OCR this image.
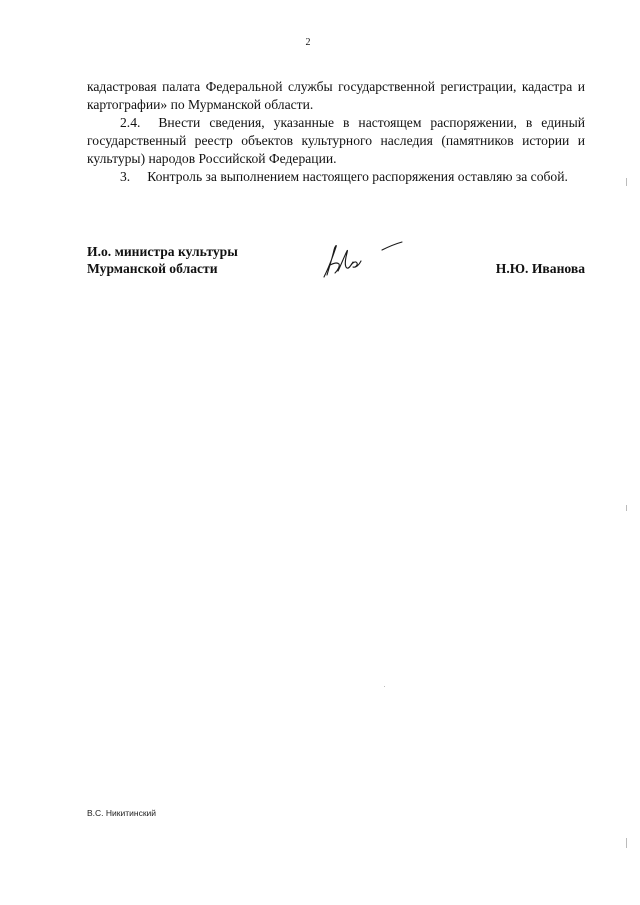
2

кадастровая палата Федеральной службы государственной регистрации, кадастра и картографии» по Мурманской области.

2.4.  Внести сведения, указанные в настоящем распоряжении, в единый государственный реестр объектов культурного наследия (памятников истории и культуры) народов Российской Федерации.

3.     Контроль за выполнением настоящего распоряжения оставляю за собой.

И.о. министра культуры
Мурманской области	Н.Ю. Иванова
В.С. Никитинский
